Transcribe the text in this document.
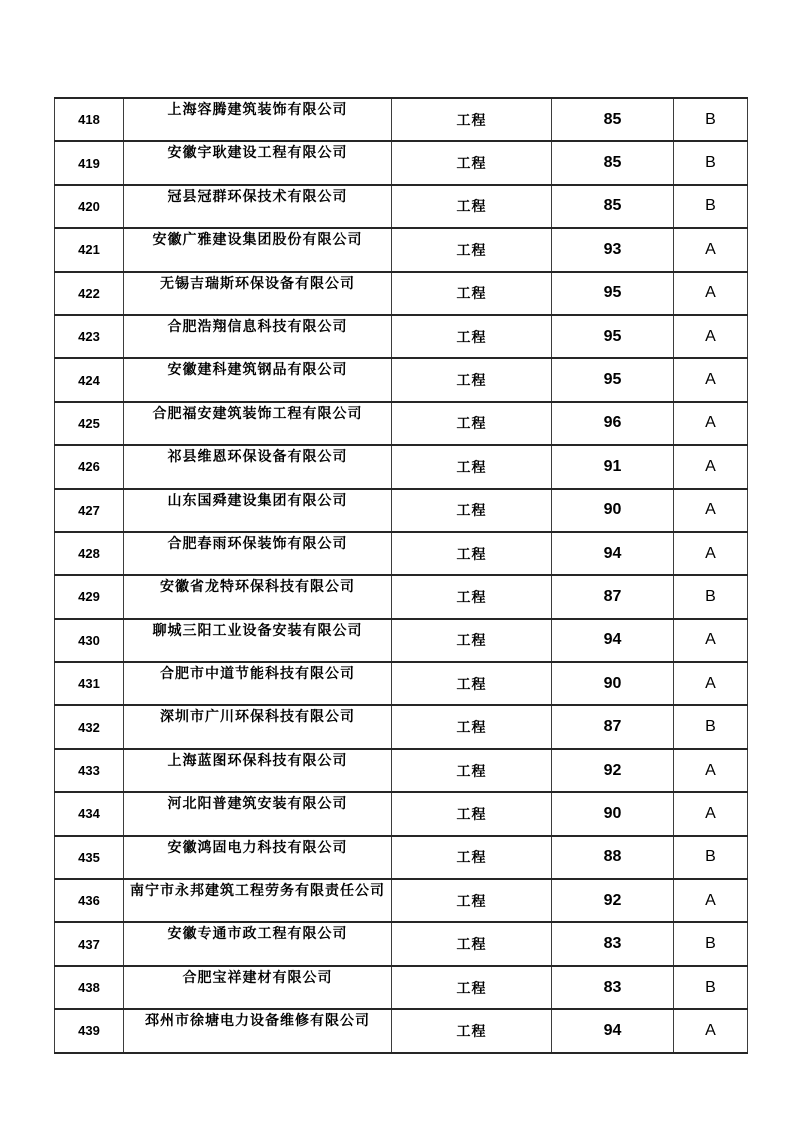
418	上海容腾建筑装饰有限公司	工程	85	B
419	安徽宇耿建设工程有限公司	工程	85	B
420	冠县冠群环保技术有限公司	工程	85	B
421	安徽广雅建设集团股份有限公司	工程	93	A
422	无锡吉瑞斯环保设备有限公司	工程	95	A
423	合肥浩翔信息科技有限公司	工程	95	A
424	安徽建科建筑钢品有限公司	工程	95	A
425	合肥福安建筑装饰工程有限公司	工程	96	A
426	祁县维恩环保设备有限公司	工程	91	A
427	山东国舜建设集团有限公司	工程	90	A
428	合肥春雨环保装饰有限公司	工程	94	A
429	安徽省龙特环保科技有限公司	工程	87	B
430	聊城三阳工业设备安装有限公司	工程	94	A
431	合肥市中道节能科技有限公司	工程	90	A
432	深圳市广川环保科技有限公司	工程	87	B
433	上海蓝图环保科技有限公司	工程	92	A
434	河北阳普建筑安装有限公司	工程	90	A
435	安徽鸿固电力科技有限公司	工程	88	B
436	南宁市永邦建筑工程劳务有限责任公司	工程	92	A
437	安徽专通市政工程有限公司	工程	83	B
438	合肥宝祥建材有限公司	工程	83	B
439	邳州市徐塘电力设备维修有限公司	工程	94	A
